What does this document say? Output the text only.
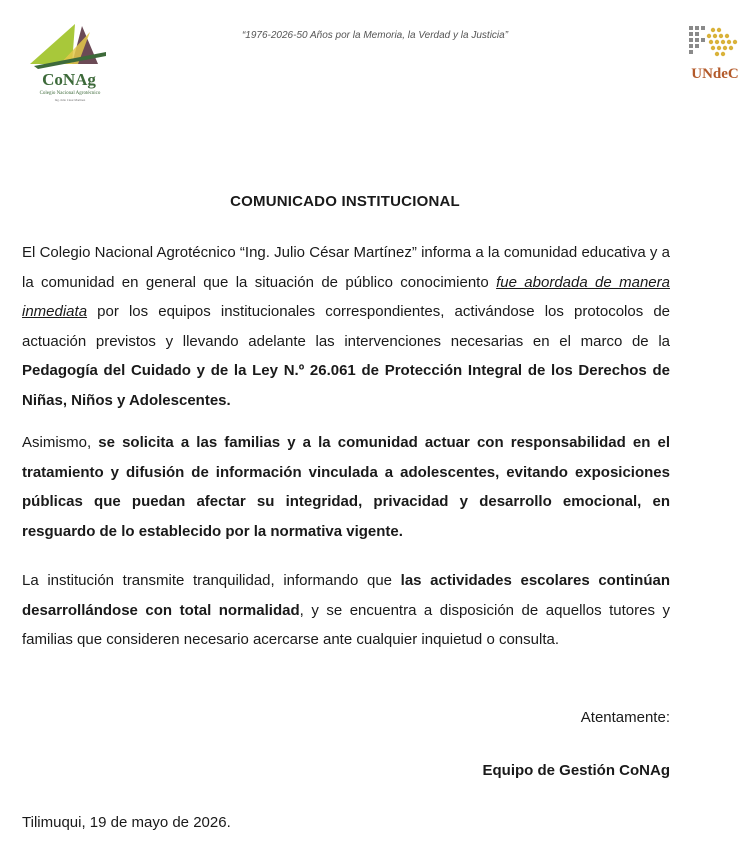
CoNAg
Colegio Nacional Agrotécnico
Ing. Julio César Martínez
“1976-2026-50 Años por la Memoria, la Verdad y la Justicia”
UNdeC
COMUNICADO INSTITUCIONAL

El Colegio Nacional Agrotécnico “Ing. Julio César Martínez” informa a la comunidad educativa y a la comunidad en general que la situación de público conocimiento fue abordada de manera inmediata por los equipos institucionales correspondientes, activándose los protocolos de actuación previstos y llevando adelante las intervenciones necesarias en el marco de la Pedagogía del Cuidado y de la Ley N.º 26.061 de Protección Integral de los Derechos de Niñas, Niños y Adolescentes.

Asimismo, se solicita a las familias y a la comunidad actuar con responsabilidad en el tratamiento y difusión de información vinculada a adolescentes, evitando exposiciones públicas que puedan afectar su integridad, privacidad y desarrollo emocional, en resguardo de lo establecido por la normativa vigente.

La institución transmite tranquilidad, informando que las actividades escolares continúan desarrollándose con total normalidad, y se encuentra a disposición de aquellos tutores y familias que consideren necesario acercarse ante cualquier inquietud o consulta.

Atentamente:
Equipo de Gestión CoNAg
Tilimuqui, 19 de mayo de 2026.
